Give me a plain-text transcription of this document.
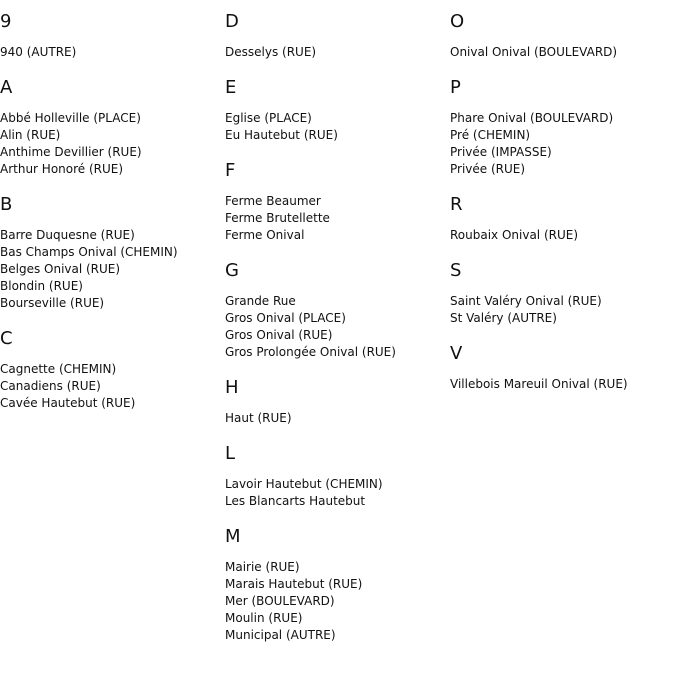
9
940 (AUTRE)
A
Abbé Holleville (PLACE)
Alin (RUE)
Anthime Devillier (RUE)
Arthur Honoré (RUE)
B
Barre Duquesne (RUE)
Bas Champs Onival (CHEMIN)
Belges Onival (RUE)
Blondin (RUE)
Bourseville (RUE)
C
Cagnette (CHEMIN)
Canadiens (RUE)
Cavée Hautebut (RUE)
D
Desselys (RUE)
E
Eglise (PLACE)
Eu Hautebut (RUE)
F
Ferme Beaumer
Ferme Brutellette
Ferme Onival
G
Grande Rue
Gros Onival (PLACE)
Gros Onival (RUE)
Gros Prolongée Onival (RUE)
H
Haut (RUE)
L
Lavoir Hautebut (CHEMIN)
Les Blancarts Hautebut
M
Mairie (RUE)
Marais Hautebut (RUE)
Mer (BOULEVARD)
Moulin (RUE)
Municipal (AUTRE)
O
Onival Onival (BOULEVARD)
P
Phare Onival (BOULEVARD)
Pré (CHEMIN)
Privée (IMPASSE)
Privée (RUE)
R
Roubaix Onival (RUE)
S
Saint Valéry Onival (RUE)
St Valéry (AUTRE)
V
Villebois Mareuil Onival (RUE)
